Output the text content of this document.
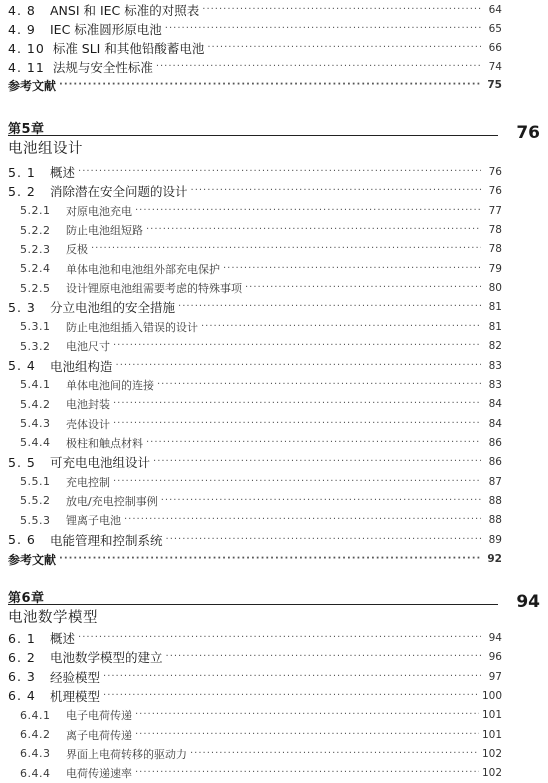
4. 8	ANSI 和 IEC 标准的对照表 ·····	64
4. 9	IEC 标准圆形原电池 ·····	65
4. 10 标准 SLI 和其他铅酸蓄电池 ·····	66
4. 11 法规与安全性标准 ·····	74
参考文献 ·····	75
第5章
电池组设计
76
5. 1	概述 ·····	76
5. 2	消除潜在安全问题的设计 ·····	76
5.2.1	对原电池充电 ·····	77
5.2.2	防止电池组短路 ·····	78
5.2.3	反极 ·····	78
5.2.4	单体电池和电池组外部充电保护 ·····	79
5.2.5	设计锂原电池组需要考虑的特殊事项 ·····	80
5. 3	分立电池组的安全措施 ·····	81
5.3.1	防止电池组插入错误的设计 ·····	81
5.3.2	电池尺寸 ·····	82
5. 4	电池组构造 ·····	83
5.4.1	单体电池间的连接 ·····	83
5.4.2	电池封装 ·····	84
5.4.3	壳体设计 ·····	84
5.4.4	极柱和触点材料 ·····	86
5. 5	可充电电池组设计 ·····	86
5.5.1	充电控制 ·····	87
5.5.2	放电/充电控制事例 ·····	88
5.5.3	锂离子电池 ·····	88
5. 6	电能管理和控制系统 ·····	89
参考文献 ·····	92
第6章
电池数学模型
94
6. 1	概述 ·····	94
6. 2	电池数学模型的建立 ·····	96
6. 3	经验模型 ·····	97
6. 4	机理模型 ·····	100
6.4.1	电子电荷传递 ·····	101
6.4.2	离子电荷传递 ·····	101
6.4.3	界面上电荷转移的驱动力 ·····	102
6.4.4	电荷传递速率 ·····	102
